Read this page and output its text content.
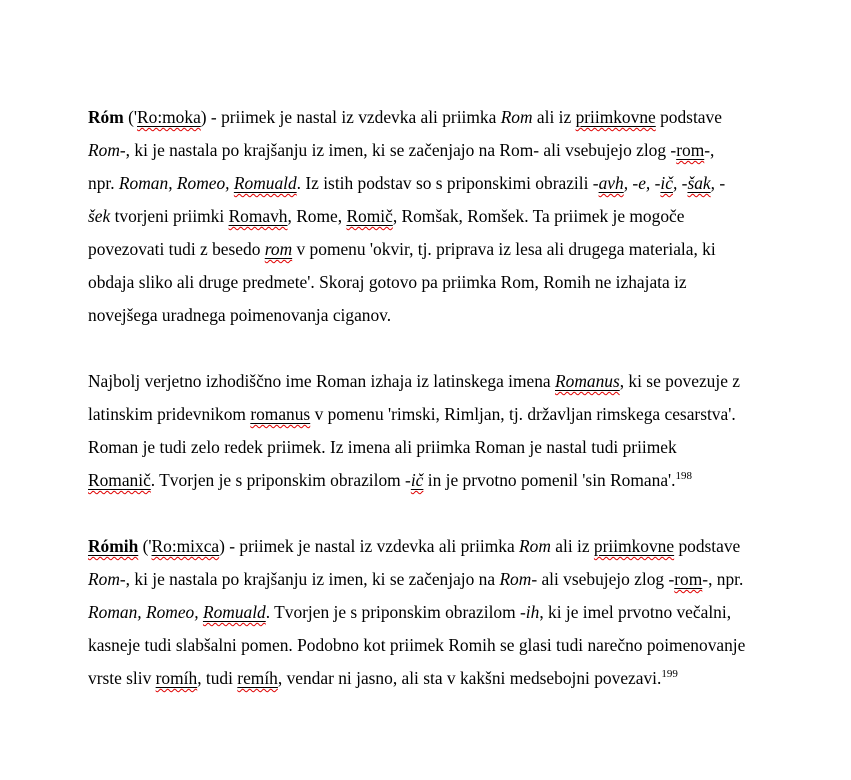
Róm ('Ro:moka) - priimek je nastal iz vzdevka ali priimka Rom ali iz priimkovne podstave
Rom-, ki je nastala po krajšanju iz imen, ki se začenjajo na Rom- ali vsebujejo zlog -rom-,
npr. Roman, Romeo, Romuald. Iz istih podstav so s priponskimi obrazili -avh, -e, -ič, -šak, -
šek tvorjeni priimki Romavh, Rome, Romič, Romšak, Romšek. Ta priimek je mogoče
povezovati tudi z besedo rom v pomenu 'okvir, tj. priprava iz lesa ali drugega materiala, ki
obdaja sliko ali druge predmete'. Skoraj gotovo pa priimka Rom, Romih ne izhajata iz
novejšega uradnega poimenovanja ciganov.
Najbolj verjetno izhodiščno ime Roman izhaja iz latinskega imena Romanus, ki se povezuje z
latinskim pridevnikom romanus v pomenu 'rimski, Rimljan, tj. državljan rimskega cesarstva'.
Roman je tudi zelo redek priimek. Iz imena ali priimka Roman je nastal tudi priimek
Romanič. Tvorjen je s priponskim obrazilom -ič in je prvotno pomenil 'sin Romana'.$^{198}$
Rómih ('Ro:mixca) - priimek je nastal iz vzdevka ali priimka Rom ali iz priimkovne podstave
Rom-, ki je nastala po krajšanju iz imen, ki se začenjajo na Rom- ali vsebujejo zlog -rom-, npr.
Roman, Romeo, Romuald. Tvorjen je s priponskim obrazilom -ih, ki je imel prvotno večalni,
kasneje tudi slabšalni pomen. Podobno kot priimek Romih se glasi tudi narečno poimenovanje
vrste sliv romíh, tudi remíh, vendar ni jasno, ali sta v kakšni medsebojni povezavi.$^{199}$
